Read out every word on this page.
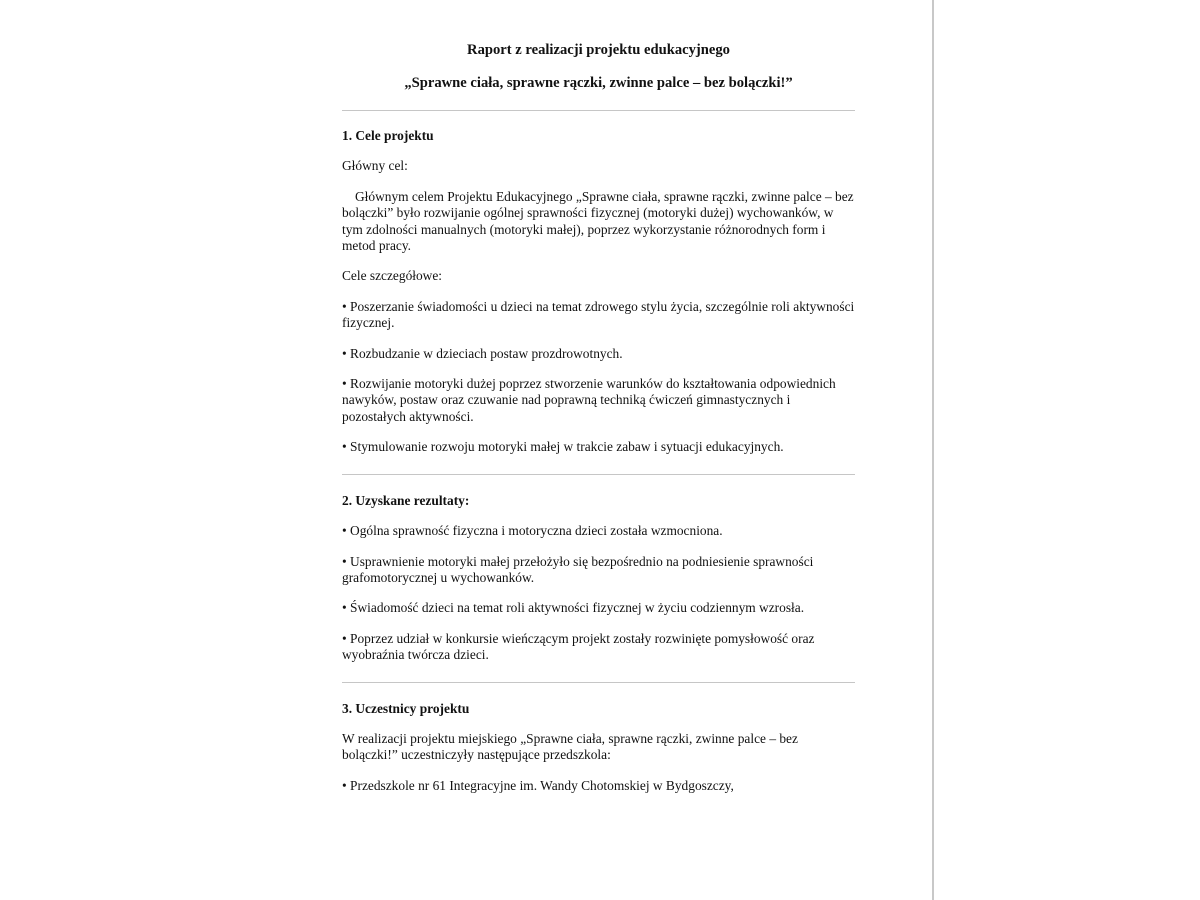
Raport z realizacji projektu edukacyjnego
„Sprawne ciała, sprawne rączki, zwinne palce – bez bolączki!”
1. Cele projektu

Główny cel:

Głównym celem Projektu Edukacyjnego „Sprawne ciała, sprawne rączki, zwinne palce – bez bolączki” było rozwijanie ogólnej sprawności fizycznej (motoryki dużej) wychowanków, w tym zdolności manualnych (motoryki małej), poprzez wykorzystanie różnorodnych form i metod pracy.

Cele szczegółowe:

• Poszerzanie świadomości u dzieci na temat zdrowego stylu życia, szczególnie roli aktywności fizycznej.

• Rozbudzanie w dzieciach postaw prozdrowotnych.

• Rozwijanie motoryki dużej poprzez stworzenie warunków do kształtowania odpowiednich nawyków, postaw oraz czuwanie nad poprawną techniką ćwiczeń gimnastycznych i pozostałych aktywności.

• Stymulowanie rozwoju motoryki małej w trakcie zabaw i sytuacji edukacyjnych.

2. Uzyskane rezultaty:

• Ogólna sprawność fizyczna i motoryczna dzieci została wzmocniona.

• Usprawnienie motoryki małej przełożyło się bezpośrednio na podniesienie sprawności grafomotorycznej u wychowanków.

• Świadomość dzieci na temat roli aktywności fizycznej w życiu codziennym wzrosła.

• Poprzez udział w konkursie wieńczącym projekt zostały rozwinięte pomysłowość oraz wyobraźnia twórcza dzieci.

3. Uczestnicy projektu

W realizacji projektu miejskiego „Sprawne ciała, sprawne rączki, zwinne palce – bez bolączki!” uczestniczyły następujące przedszkola:

• Przedszkole nr 61 Integracyjne im. Wandy Chotomskiej w Bydgoszczy,
